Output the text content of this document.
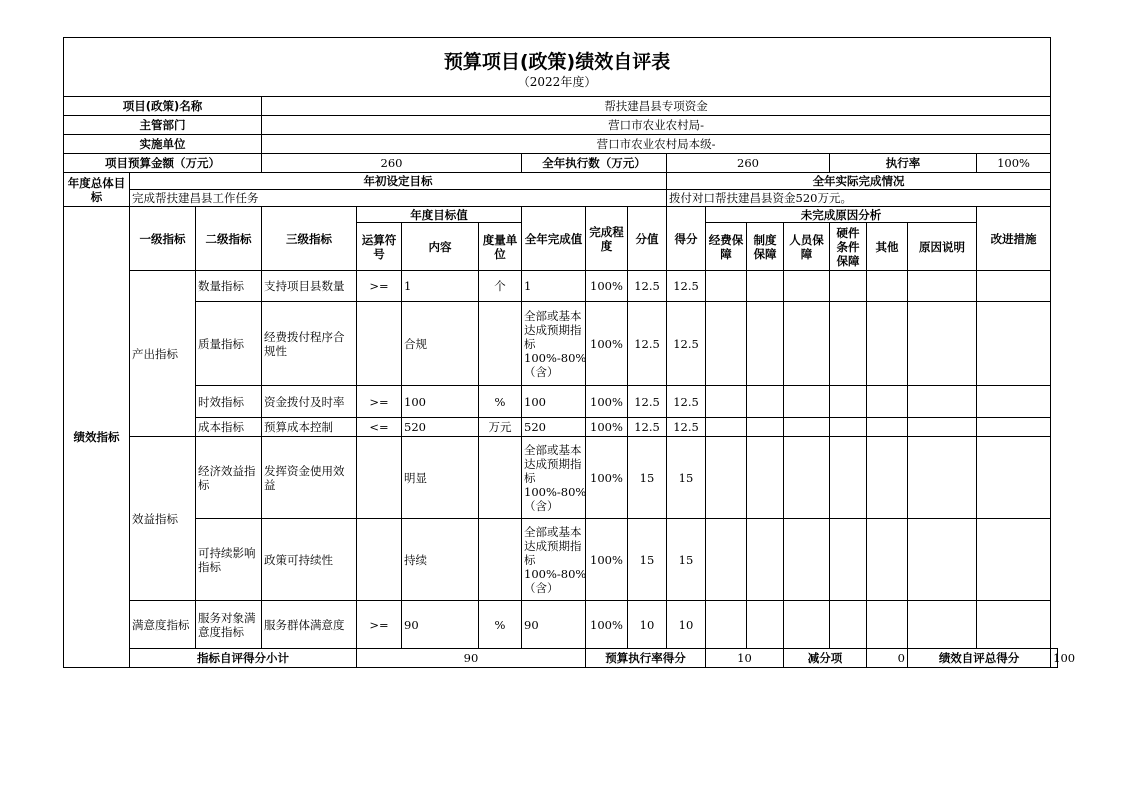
预算项目(政策)绩效自评表
（2022年度）																		

项目(政策)名称			帮扶建昌县专项资金															
主管部门			营口市农业农村局-															
实施单位			营口市农业农村局本级-															
项目预算金额（万元）			260				全年执行数（万元）			260				执行率			100%	
年度总体目标	年初设定目标									全年实际完成情况								
	完成帮扶建昌县工作任务									拨付对口帮扶建昌县资金520万元。								
绩效指标	一级指标	二级指标	三级指标	年度目标值			全年完成值	完成程度	分值	得分	未完成原因分析						改进措施	
				运算符号	内容	度量单位					经费保障	制度保障	人员保障	硬件条件保障	其他	原因说明		
	产出指标	数量指标	支持项目县数量	>=	1	个	1	100%	12.5	12.5								
		质量指标	经费拨付程序合规性		合规		全部或基本达成预期指标100%-80%（含）	100%	12.5	12.5								
		时效指标	资金拨付及时率	>=	100	%	100	100%	12.5	12.5								
		成本指标	预算成本控制	<=	520	万元	520	100%	12.5	12.5								
	效益指标	经济效益指标	发挥资金使用效益		明显		全部或基本达成预期指标100%-80%（含）	100%	15	15								
		可持续影响指标	政策可持续性		持续		全部或基本达成预期指标100%-80%（含）	100%	15	15								
	满意度指标	服务对象满意度指标	服务群体满意度	>=	90	%	90	100%	10	10								
	指标自评得分小计			90				预算执行率得分			10		减分项		0	绩效自评总得分		100
